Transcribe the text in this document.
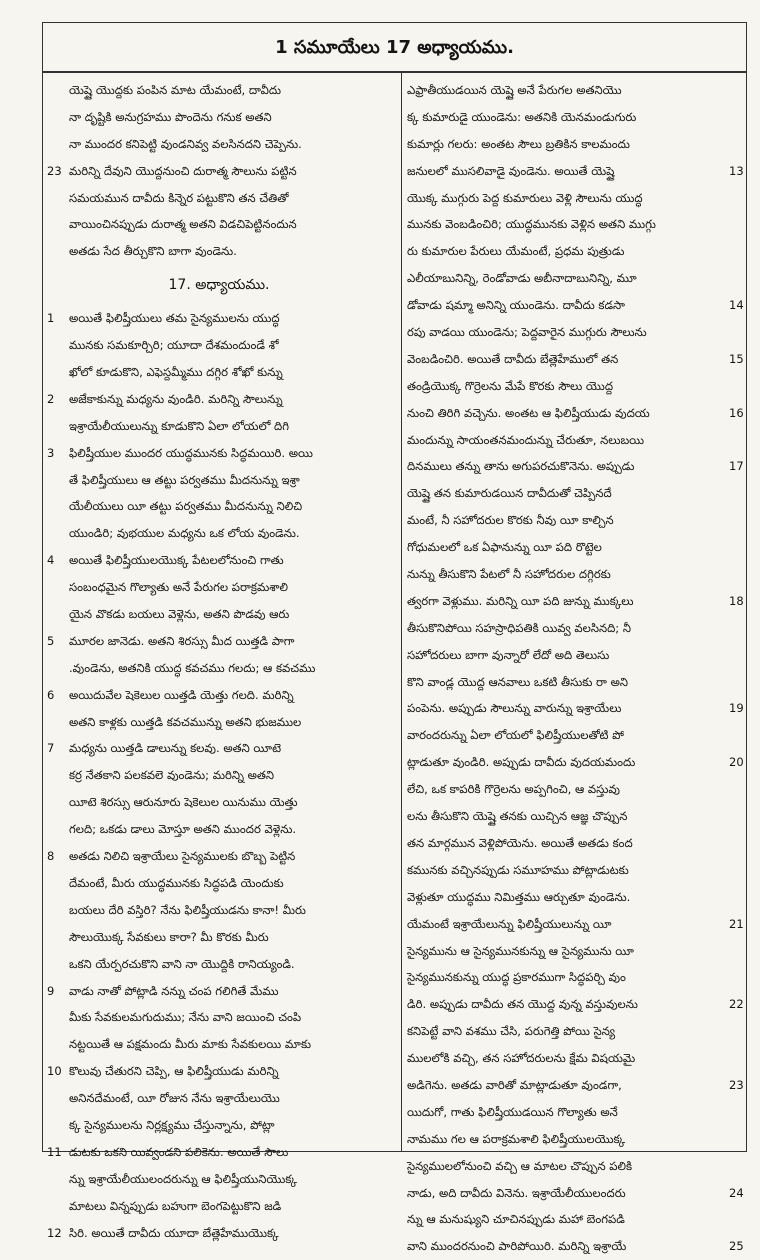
1 సమూయేలు 17 అధ్యాయము.
యెష్షై యొద్దకు పంపిన మాట యేమంటే, దావీదు
నా దృష్టికి అనుగ్రహము పొందెను గనుక అతని
నా ముందర కనిపెట్టి వుండనివ్వ వలసినదని చెప్పెను.
23 మరిన్ని దేవుని యొద్దనుంచి దురాత్మ సౌలును పట్టిన
సమయమున దావీదు కిన్నెర పట్టుకొని తన చేతితో
వాయించినప్పుడు దురాత్మ అతని విడచిపెట్టినందున
అతడు సేద తీర్చుకొని బాగా వుండెను.
17. అధ్యాయము.
1	అయితే ఫిలిష్తీయులు తమ సైన్యములను యుద్ధ
మునకు సమకూర్చిరి; యూదా దేశమందుండే శో
ఖోలో కూడుకొని, ఎఫెస్దమ్మీము దగ్గిర శోఖో కున్ను
2	అజేకాకున్ను మధ్యను వుండిరి. మరిన్ని సౌలున్ను
ఇశ్రాయేలీయులున్ను కూడుకొని ఏలా లోయలో దిగి
3	ఫిలిష్తీయుల ముందర యుద్ధమునకు సిద్ధమయిరి. అయి
తే ఫిలిష్తీయులు ఆ తట్టు పర్వతము మీదనున్ను ఇశ్రా
యేలీయులు యీ తట్టు పర్వతము మీదనున్ను నిలిచి
యుండిరి; వుభయుల మధ్యను ఒక లోయ వుండెను.
4	అయితే ఫిలిష్తీయులయొక్క పేటలలోనుంచి గాతు
సంబంధమైన గొల్యాతు అనే పేరుగల పరాక్రమశాలి
యైన వొకడు బయలు వెళ్లెను, అతని పొడవు ఆరు
5	మూరల జానెడు. అతని శిరస్సు మీద యిత్తడి పాగా
.వుండెను, అతనికి యుద్ధ కవచము గలదు; ఆ కవచము
6	అయిదువేల షెకెలుల యిత్తడి యెత్తు గలది. మరిన్ని
అతని కాళ్లకు యిత్తడి కవచమున్ను అతని భుజముల
7	మధ్యను యిత్తడి డాలున్ను కలవు. అతని యీటె
కర్ర నేతకాని పలకవలె వుండెను; మరిన్ని అతని
యీటె శిరస్సు ఆరునూరు షెకెలుల యినుము యెత్తు
గలది; ఒకడు డాలు మోస్తూ అతని ముందర వెళ్లెను.
8	అతడు నిలిచి ఇశ్రాయేలు సైన్యములకు బొబ్బ పెట్టిన
దేమంటే, మీరు యుద్ధమునకు సిద్ధపడి యెందుకు
బయలు దేరి వస్తిరి? నేను ఫిలిష్తీయుడను కానా! మీరు
సౌలుయొక్క సేవకులు కారా? మీ కొరకు మీరు
ఒకని యేర్పరచుకొని వాని నా యొద్దికి రానియ్యండి.
9	వాడు నాతో పోట్లాడి నన్ను చంప గలిగితే మేము
మీకు సేవకులమగుదుము; నేను వాని జయించి చంపి
నట్టయితే ఆ పక్షమందు మీరు మాకు సేవకులయి మాకు
10 కొలువు చేతురని చెప్పి, ఆ ఫిలిష్తీయుడు మరిన్ని
అనినదేమంటే, యీ రోజున నేను ఇశ్రాయేలుయొ
క్క సైన్యములను నిర్లక్ష్యము చేస్తున్నాను, పోట్లా
11 డుటకు ఒకని యివ్వండని పలికెను. అయితే సౌలు
న్ను ఇశ్రాయేలీయులందరున్ను ఆ ఫిలిష్తీయునియొక్క
మాటలు విన్నప్పుడు బహుగా బెంగపెట్టుకొని జడి
12 సిరి. అయితే దావీదు యూదా బేత్లెహేముయొక్క
ఎఫ్రాతీయుడయిన యెష్షై అనే పేరుగల అతనియొ
క్క కుమారుడై యుండెను: అతనికి యెనమండుగురు
కుమార్లు గలరు: అంతట సౌలు బ్రతికిన కాలమందు
జనులలో ముసలివాడై వుండెను. అయితే యెష్షై	13
యొక్క ముగ్గురు పెద్ద కుమారులు వెళ్లి సౌలును యుద్ధ
మునకు వెంబడించిరి; యుద్ధమునకు వెళ్లిన అతని ముగ్గు
రు కుమారుల పేరులు యేమంటే, ప్రధమ పుత్రుడు
ఎలీయాబునిన్ని, రెండోవాడు అబీనాదాబునిన్ని, మూ
డోవాడు షమ్మా అనిన్ని యుండెను. దావీదు కడసా	14
రపు వాడయి యుండెను; పెద్దవారైన ముగ్గురు సౌలును
వెంబడించిరి. అయితే దావీదు బేత్లెహేములో తన	15
తండ్రియొక్క గొర్రెలను మేపే కొరకు సౌలు యొద్ద
నుంచి తిరిగి వచ్చెను. అంతట ఆ ఫిలిష్తీయుడు వుదయ	16
మందున్ను సాయంతనమందున్ను చేరుతూ, నలుబయి
దినములు తన్ను తాను అగుపరచుకొనెను. అప్పుడు	17
యెష్షై తన కుమారుడయిన దావీదుతో చెప్పినదే
మంటే, నీ సహోదరుల కొరకు నీవు యీ కాల్చిన
గోధుమలలో ఒక ఏఫానున్ను యీ పది రొట్టెల
నున్ను తీసుకొని పేటలో నీ సహోదరుల దగ్గిరకు
త్వరగా వెళ్లుము. మరిన్ని యీ పది జున్ను ముక్కలు	18
తీసుకొనిపోయి సహస్రాధిపతికి యివ్వ వలసినది; నీ
సహోదరులు బాగా వున్నారో లేదో అది తెలుసు
కొని వాండ్ల యొద్ద ఆనవాలు ఒకటి తీసుకు రా అని
పంపెను. అప్పుడు సౌలున్ను వారున్ను ఇశ్రాయేలు	19
వారందరున్ను ఏలా లోయలో ఫిలిష్తీయులతోటి పో
ట్లాడుతూ వుండిరి. అప్పుడు దావీదు వుదయమందు	20
లేచి, ఒక కాపరికి గొర్రెలను అప్పగించి, ఆ వస్తువు
లను తీసుకొని యెష్షై తనకు యిచ్చిన ఆజ్ఞ చొప్పున
తన మార్గమున వెళ్లిపోయెను. అయితే అతడు కంద
కమునకు వచ్చినప్పుడు సమూహము పోట్లాడుటకు
వెళ్లుతూ యుద్ధము నిమిత్తము ఆర్చుతూ వుండెను.
యేమంటే ఇశ్రాయేలున్ను ఫిలిష్తీయులున్ను యీ	21
సైన్యమును ఆ సైన్యమునకున్ను ఆ సైన్యమును యీ
సైన్యమునకున్ను యుద్ధ ప్రకారముగా సిద్ధపర్చి వుం
డిరి. అప్పుడు దావీదు తన యొద్ద వున్న వస్తువులను	22
కనిపెట్టే వాని వశము చేసి, పరుగెత్తి పోయి సైన్య
ములలోకి వచ్చి, తన సహోదరులను క్షేమ విషయమై
అడిగెను. అతడు వారితో మాట్లాడుతూ వుండగా,	23
యిదుగో, గాతు ఫిలిష్తీయుడయిన గొల్యాతు అనే
నామము గల ఆ పరాక్రమశాలి ఫిలిష్తీయులయొక్క
సైన్యములలోనుంచి వచ్చి ఆ మాటల చొప్పున పలికి
నాడు, అది దావీదు వినెను. ఇశ్రాయేలీయులందరు	24
న్ను ఆ మనుష్యుని చూచినప్పుడు మహా బెంగపడి
వాని ముందరనుంచి పారిపోయిరి. మరిన్ని ఇశ్రాయే	25
